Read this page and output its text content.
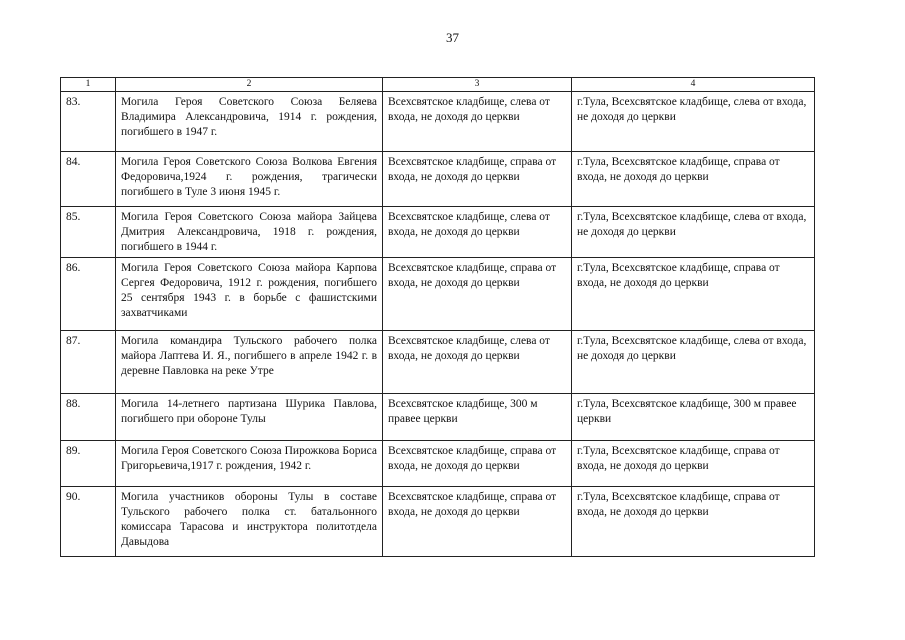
37
1	2	3	4
83.	Могила Героя Советского Союза Беляева Владимира Александровича, 1914 г. рождения, погибшего в 1947 г.	Всехсвятское кладбище, слева от входа, не доходя до церкви	г.Тула, Всехсвятское кладбище, слева от входа, не доходя до церкви
84.	Могила Героя Советского Союза Волкова Евгения Федоровича,1924 г. рождения, трагически погибшего в Туле 3 июня 1945 г.	Всехсвятское кладбище, справа от входа, не доходя до церкви	г.Тула, Всехсвятское кладбище, справа от входа, не доходя до церкви
85.	Могила Героя Советского Союза майора Зайцева Дмитрия Александровича, 1918 г. рождения, погибшего в 1944 г.	Всехсвятское кладбище, слева от входа, не доходя до церкви	г.Тула, Всехсвятское кладбище, слева от входа, не доходя до церкви
86.	Могила Героя Советского Союза майора Карпова Сергея Федоровича, 1912 г. рождения, погибшего 25 сентября 1943 г. в борьбе с фашистскими захватчиками	Всехсвятское кладбище, справа от входа, не доходя до церкви	г.Тула, Всехсвятское кладбище, справа от входа, не доходя до церкви
87.	Могила командира Тульского рабочего полка майора Лаптева И. Я., погибшего в апреле 1942 г. в деревне Павловка на реке Утре	Всехсвятское кладбище, слева от входа, не доходя до церкви	г.Тула, Всехсвятское кладбище, слева от входа, не доходя до церкви
88.	Могила 14-летнего партизана Шурика Павлова, погибшего при обороне Тулы	Всехсвятское кладбище, 300 м правее церкви	г.Тула, Всехсвятское кладбище, 300 м правее церкви
89.	Могила Героя Советского Союза Пирожкова Бориса Григорьевича,1917 г. рождения, 1942 г.	Всехсвятское кладбище, справа от входа, не доходя до церкви	г.Тула, Всехсвятское кладбище, справа от входа, не доходя до церкви
90.	Могила участников обороны Тулы в составе Тульского рабочего полка ст. батальонного комиссара Тарасова и инструктора политотдела Давыдова	Всехсвятское кладбище, справа от входа, не доходя до церкви	г.Тула, Всехсвятское кладбище, справа от входа, не доходя до церкви
